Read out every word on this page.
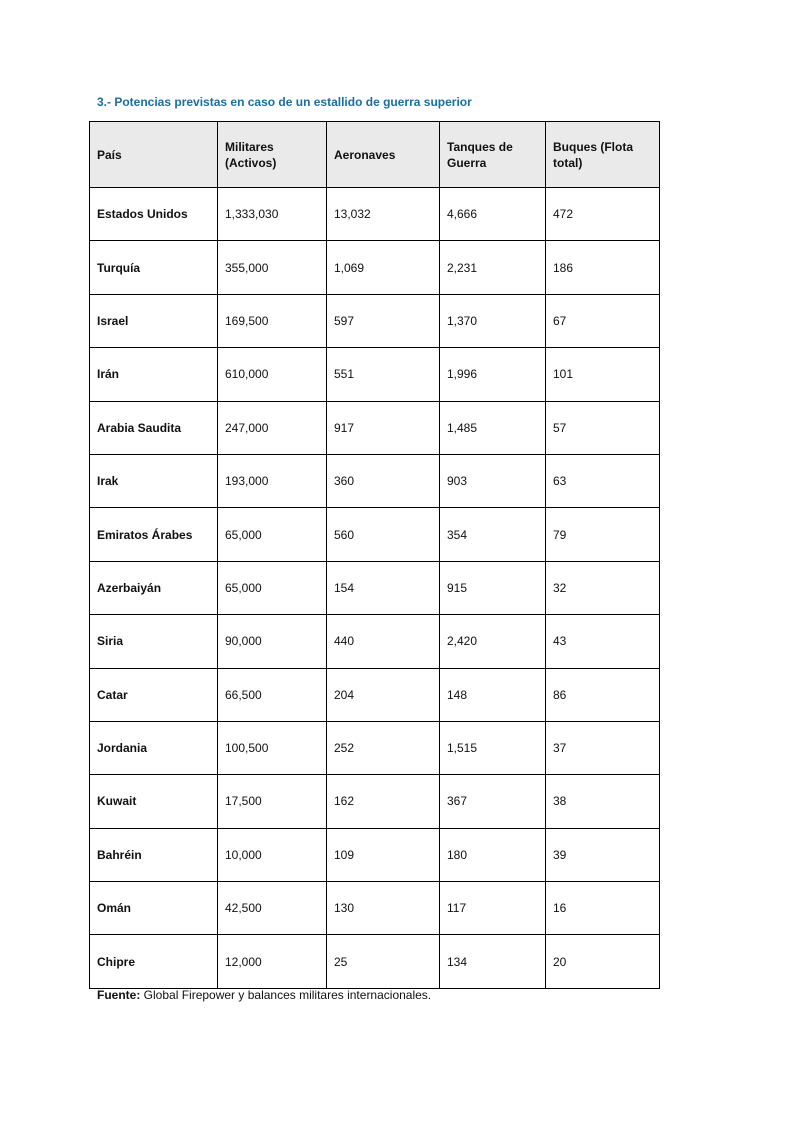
3.- Potencias previstas en caso de un estallido de guerra superior
País	Militares (Activos)	Aeronaves	Tanques de Guerra	Buques (Flota total)
Estados Unidos	1,333,030	13,032	4,666	472
Turquía	355,000	1,069	2,231	186
Israel	169,500	597	1,370	67
Irán	610,000	551	1,996	101
Arabia Saudita	247,000	917	1,485	57
Irak	193,000	360	903	63
Emiratos Árabes	65,000	560	354	79
Azerbaiyán	65,000	154	915	32
Siria	90,000	440	2,420	43
Catar	66,500	204	148	86
Jordania	100,500	252	1,515	37
Kuwait	17,500	162	367	38
Bahréin	10,000	109	180	39
Omán	42,500	130	117	16
Chipre	12,000	25	134	20
Fuente: Global Firepower y balances militares internacionales.
